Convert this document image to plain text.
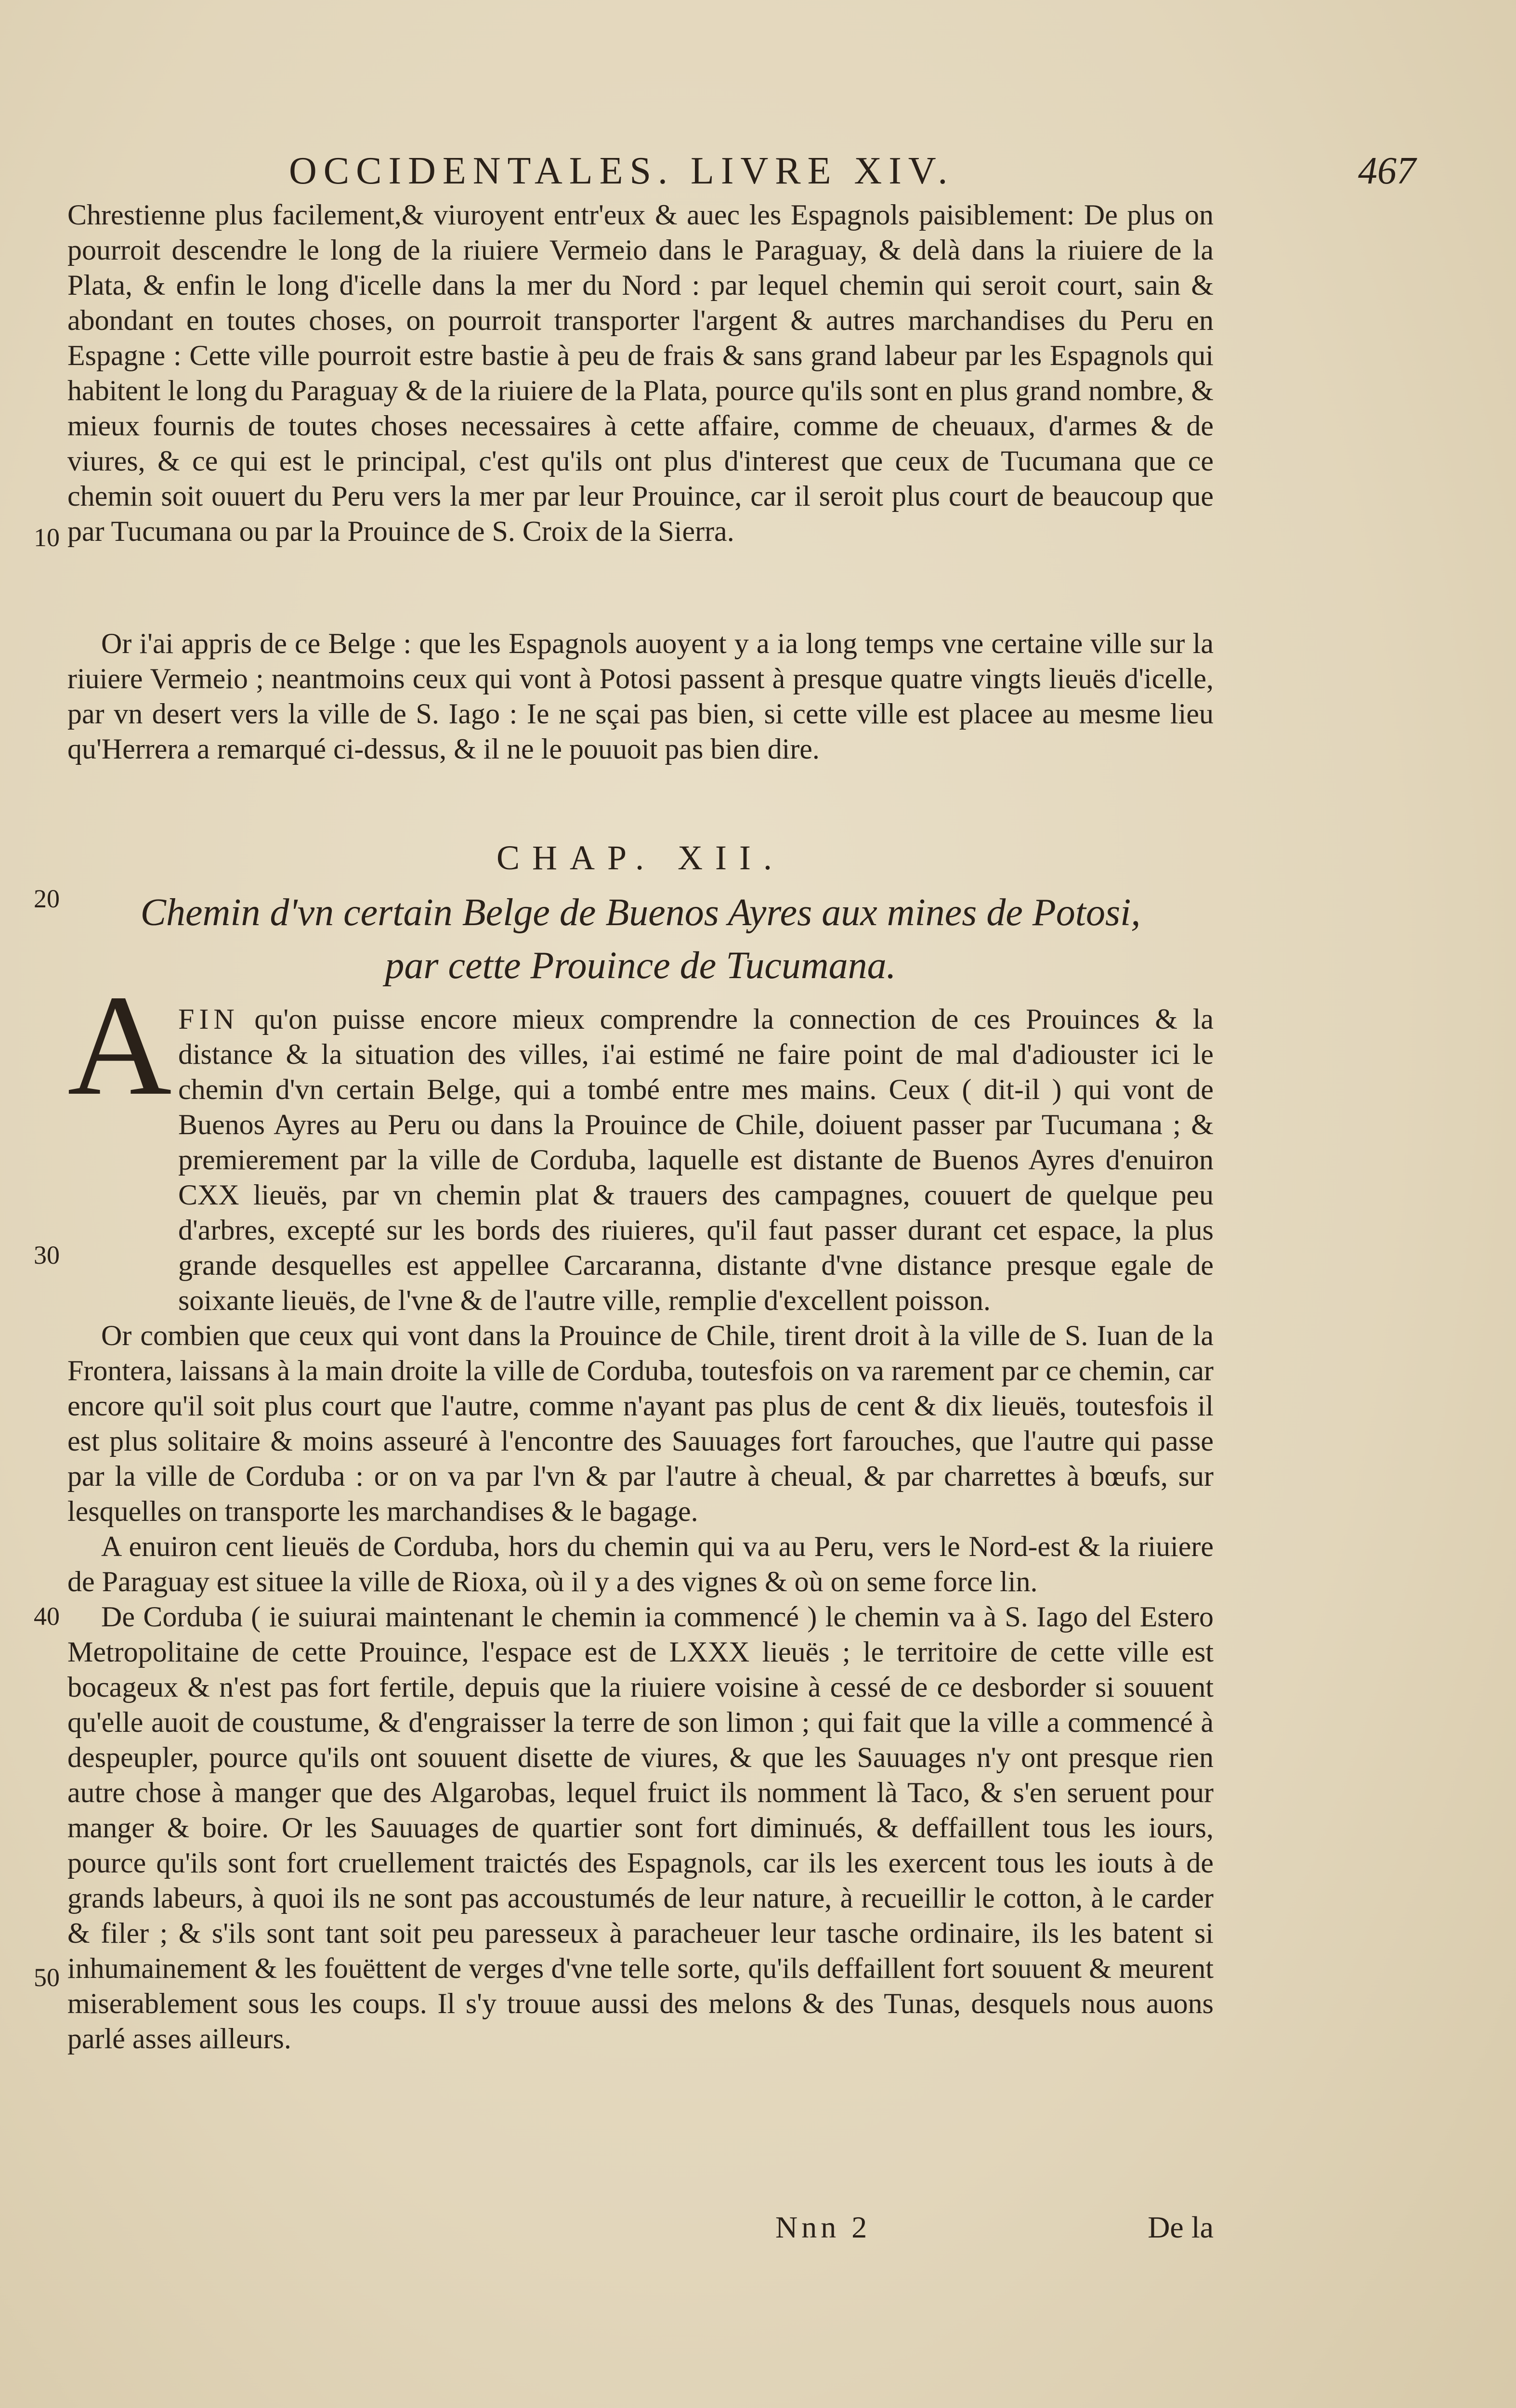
OCCIDENTALES. LIVRE XIV.	467
10
20
30
40
50

Chrestienne plus facilement,& viuroyent entr'eux & auec les Espagnols paisiblement: De plus on pourroit descendre le long de la riuiere Vermeio dans le Paraguay, & delà dans la riuiere de la Plata, & enfin le long d'icelle dans la mer du Nord : par lequel chemin qui seroit court, sain & abondant en toutes choses, on pourroit transporter l'argent & autres marchandises du Peru en Espagne : Cette ville pourroit estre bastie à peu de frais & sans grand labeur par les Espagnols qui habitent le long du Paraguay & de la riuiere de la Plata, pource qu'ils sont en plus grand nombre, & mieux fournis de toutes choses necessaires à cette affaire, comme de cheuaux, d'armes & de viures, & ce qui est le principal, c'est qu'ils ont plus d'interest que ceux de Tucumana que ce chemin soit ouuert du Peru vers la mer par leur Prouince, car il seroit plus court de beaucoup que par Tucumana ou par la Prouince de S. Croix de la Sierra.

Or i'ai appris de ce Belge : que les Espagnols auoyent y a ia long temps vne certaine ville sur la riuiere Vermeio ; neantmoins ceux qui vont à Potosi passent à presque quatre vingts lieuës d'icelle, par vn desert vers la ville de S. Iago : Ie ne sçai pas bien, si cette ville est placee au mesme lieu qu'Herrera a remarqué ci-dessus, & il ne le pouuoit pas bien dire.

CHAP. XII.
Chemin d'vn certain Belge de Buenos Ayres aux mines de Potosi,
par cette Prouince de Tucumana.
A FIN qu'on puisse encore mieux comprendre la connection de ces Prouinces & la distance & la situation des villes, i'ai estimé ne faire point de mal d'adiouster ici le chemin d'vn certain Belge, qui a tombé entre mes mains. Ceux ( dit-il ) qui vont de Buenos Ayres au Peru ou dans la Prouince de Chile, doiuent passer par Tucumana ; & premierement par la ville de Corduba, laquelle est distante de Buenos Ayres d'enuiron CXX lieuës, par vn chemin plat & trauers des campagnes, couuert de quelque peu d'arbres, excepté sur les bords des riuieres, qu'il faut passer durant cet espace, la plus grande desquelles est appellee Carcaranna, distante d'vne distance presque egale de soixante lieuës, de l'vne & de l'autre ville, remplie d'excellent poisson.

Or combien que ceux qui vont dans la Prouince de Chile, tirent droit à la ville de S. Iuan de la Frontera, laissans à la main droite la ville de Corduba, toutesfois on va rarement par ce chemin, car encore qu'il soit plus court que l'autre, comme n'ayant pas plus de cent & dix lieuës, toutesfois il est plus solitaire & moins asseuré à l'encontre des Sauuages fort farouches, que l'autre qui passe par la ville de Corduba : or on va par l'vn & par l'autre à cheual, & par charrettes à bœufs, sur lesquelles on transporte les marchandises & le bagage.

A enuiron cent lieuës de Corduba, hors du chemin qui va au Peru, vers le Nord-est & la riuiere de Paraguay est situee la ville de Rioxa, où il y a des vignes & où on seme force lin.

De Corduba ( ie suiurai maintenant le chemin ia commencé ) le chemin va à S. Iago del Estero Metropolitaine de cette Prouince, l'espace est de LXXX lieuës ; le territoire de cette ville est bocageux & n'est pas fort fertile, depuis que la riuiere voisine à cessé de ce desborder si souuent qu'elle auoit de coustume, & d'engraisser la terre de son limon ; qui fait que la ville a commencé à despeupler, pource qu'ils ont souuent disette de viures, & que les Sauuages n'y ont presque rien autre chose à manger que des Algarobas, lequel fruict ils nomment là Taco, & s'en seruent pour manger & boire. Or les Sauuages de quartier sont fort diminués, & deffaillent tous les iours, pource qu'ils sont fort cruellement traictés des Espagnols, car ils les exercent tous les iouts à de grands labeurs, à quoi ils ne sont pas accoustumés de leur nature, à recueillir le cotton, à le carder & filer ; & s'ils sont tant soit peu paresseux à paracheuer leur tasche ordinaire, ils les batent si inhumainement & les fouëttent de verges d'vne telle sorte, qu'ils deffaillent fort souuent & meurent miserablement sous les coups. Il s'y trouue aussi des melons & des Tunas, desquels nous auons parlé asses ailleurs.

Nnn 2	De la
